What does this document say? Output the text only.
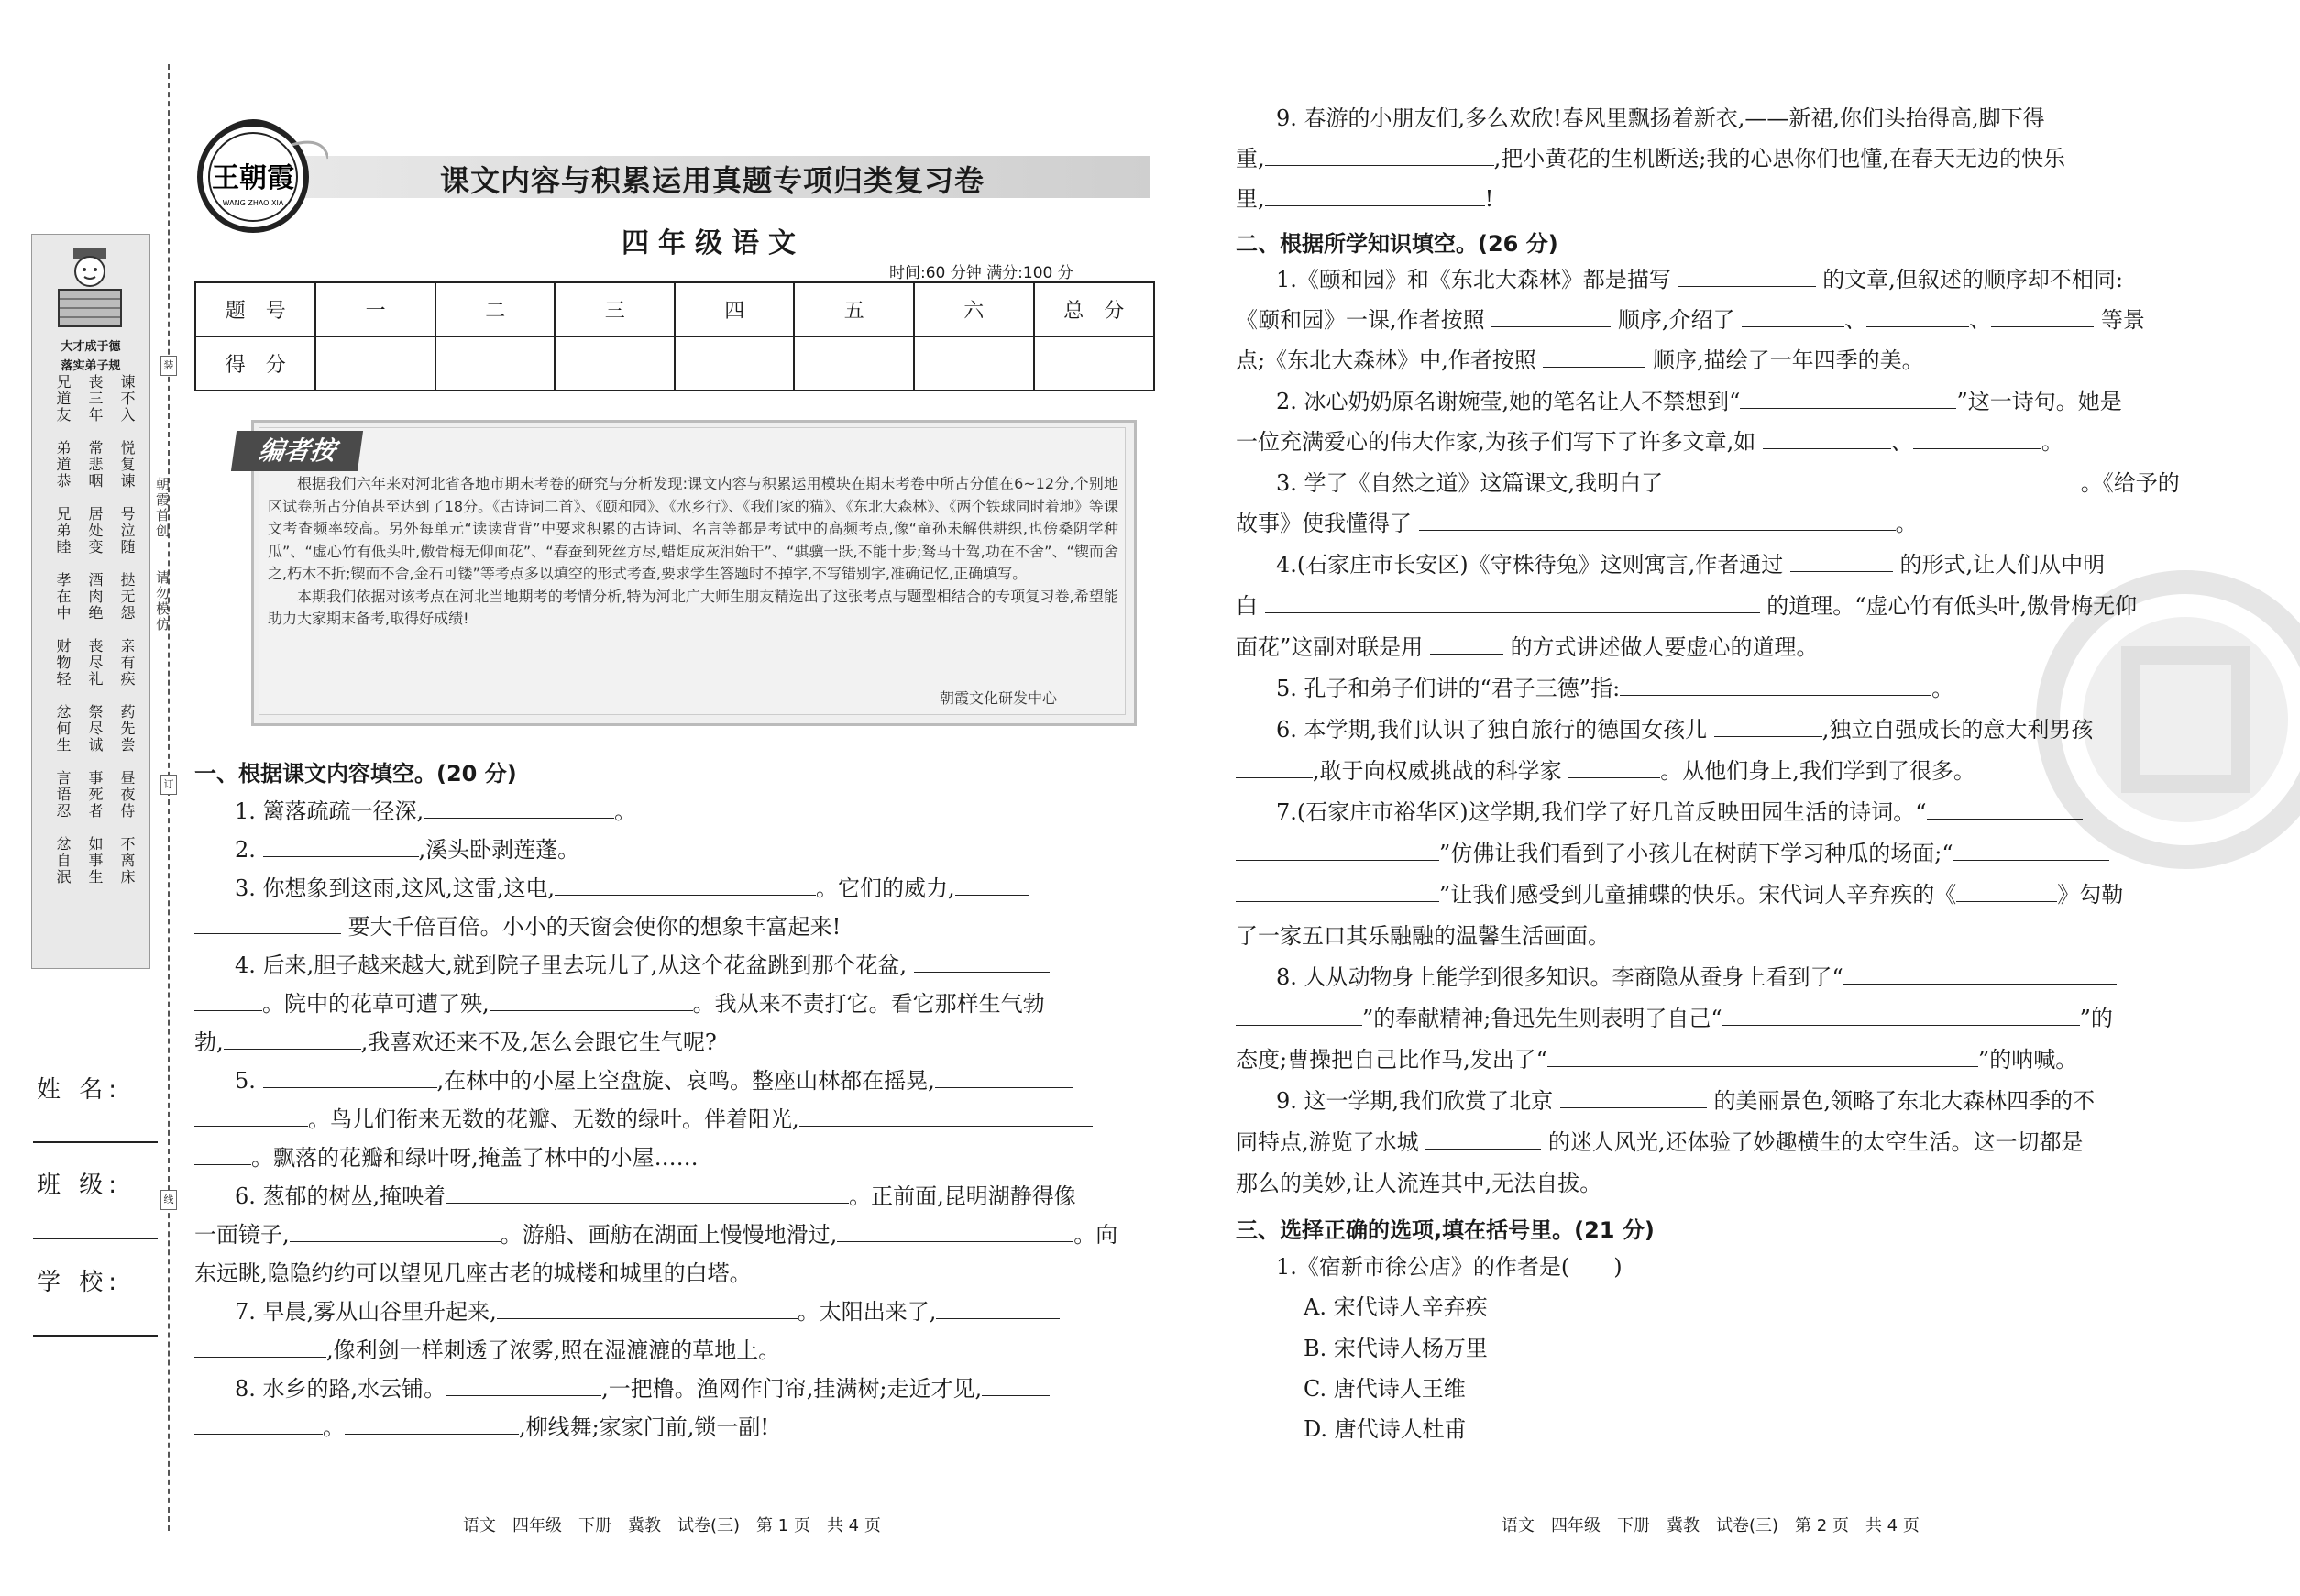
大才成于德
落实弟子规
兄道友 丧三年 谏不入
弟道恭 常悲咽 悦复谏
兄弟睦 居处变 号泣随
孝在中 酒肉绝 挞无怨
财物轻 丧尽礼 亲有疾
忿何生 祭尽诚 药先尝
言语忍 事死者 昼夜侍
忿自泯 如事生 不离床
装
订
线
朝霞首创
请勿模仿
姓 名:
班 级:
学 校:
王朝霞
WANG ZHAO XIA
课文内容与积累运用真题专项归类复习卷
四年级语文
时间:60 分钟 满分:100 分
题　号	一	二	三	四	五	六	总　分
得　分							
编者按

根据我们六年来对河北省各地市期末考卷的研究与分析发现:课文内容与积累运用模块在期末考卷中所占分值在6~12分,个别地区试卷所占分值甚至达到了18分。《古诗词二首》、《颐和园》、《水乡行》、《我们家的猫》、《东北大森林》、《两个铁球同时着地》等课文考查频率较高。另外每单元“读读背背”中要求积累的古诗词、名言等都是考试中的高频考点,像“童孙未解供耕织,也傍桑阴学种瓜”、“虚心竹有低头叶,傲骨梅无仰面花”、“春蚕到死丝方尽,蜡炬成灰泪始干”、“骐骥一跃,不能十步;驽马十驾,功在不舍”、“锲而舍之,朽木不折;锲而不舍,金石可镂”等考点多以填空的形式考查,要求学生答题时不掉字,不写错别字,准确记忆,正确填写。

本期我们依据对该考点在河北当地期考的考情分析,特为河北广大师生朋友精选出了这张考点与题型相结合的专项复习卷,希望能助力大家期末备考,取得好成绩!

朝霞文化研发中心
一、根据课文内容填空。(20 分)
1. 篱落疏疏一径深,	。
2.	,溪头卧剥莲蓬。
3. 你想象到这雨,这风,这雷,这电,	。它们的威力,
要大千倍百倍。小小的天窗会使你的想象丰富起来!
4. 后来,胆子越来越大,就到院子里去玩儿了,从这个花盆跳到那个花盆,
。院中的花草可遭了殃,	。我从来不责打它。看它那样生气勃
勃,	,我喜欢还来不及,怎么会跟它生气呢?
5.	,在林中的小屋上空盘旋、哀鸣。整座山林都在摇晃,
。鸟儿们衔来无数的花瓣、无数的绿叶。伴着阳光,
。飘落的花瓣和绿叶呀,掩盖了林中的小屋……
6. 葱郁的树丛,掩映着	。正前面,昆明湖静得像
一面镜子,	。游船、画舫在湖面上慢慢地滑过,	。向
东远眺,隐隐约约可以望见几座古老的城楼和城里的白塔。
7. 早晨,雾从山谷里升起来,	。太阳出来了,
,像利剑一样刺透了浓雾,照在湿漉漉的草地上。
8. 水乡的路,水云铺。	,一把橹。渔网作门帘,挂满树;走近才见,
。	,柳线舞;家家门前,锁一副!
9. 春游的小朋友们,多么欢欣!春风里飘扬着新衣,——新裙,你们头抬得高,脚下得
重,	,把小黄花的生机断送;我的心思你们也懂,在春天无边的快乐
里,	!
二、根据所学知识填空。(26 分)
1.《颐和园》和《东北大森林》都是描写	的文章,但叙述的顺序却不相同:
《颐和园》一课,作者按照	顺序,介绍了	、	、	等景
点;《东北大森林》中,作者按照	顺序,描绘了一年四季的美。
2. 冰心奶奶原名谢婉莹,她的笔名让人不禁想到“	”这一诗句。她是
一位充满爱心的伟大作家,为孩子们写下了许多文章,如	、	。
3. 学了《自然之道》这篇课文,我明白了	。《给予的
故事》使我懂得了	。
4.(石家庄市长安区)《守株待兔》这则寓言,作者通过	的形式,让人们从中明
白	的道理。“虚心竹有低头叶,傲骨梅无仰
面花”这副对联是用	的方式讲述做人要虚心的道理。
5. 孔子和弟子们讲的“君子三德”指:	。
6. 本学期,我们认识了独自旅行的德国女孩儿	,独立自强成长的意大利男孩
,敢于向权威挑战的科学家	。从他们身上,我们学到了很多。
7.(石家庄市裕华区)这学期,我们学了好几首反映田园生活的诗词。“
”仿佛让我们看到了小孩儿在树荫下学习种瓜的场面;“
”让我们感受到儿童捕蝶的快乐。宋代词人辛弃疾的《	》勾勒
了一家五口其乐融融的温馨生活画面。
8. 人从动物身上能学到很多知识。李商隐从蚕身上看到了“
”的奉献精神;鲁迅先生则表明了自己“	”的
态度;曹操把自己比作马,发出了“	”的呐喊。
9. 这一学期,我们欣赏了北京	的美丽景色,领略了东北大森林四季的不
同特点,游览了水城	的迷人风光,还体验了妙趣横生的太空生活。这一切都是
那么的美妙,让人流连其中,无法自拔。
三、选择正确的选项,填在括号里。(21 分)
1.《宿新市徐公店》的作者是(　　)
A. 宋代诗人辛弃疾
B. 宋代诗人杨万里
C. 唐代诗人王维
D. 唐代诗人杜甫
语文　四年级　下册　冀教　试卷(三)　第 1 页　共 4 页	语文　四年级　下册　冀教　试卷(三)　第 2 页　共 4 页
